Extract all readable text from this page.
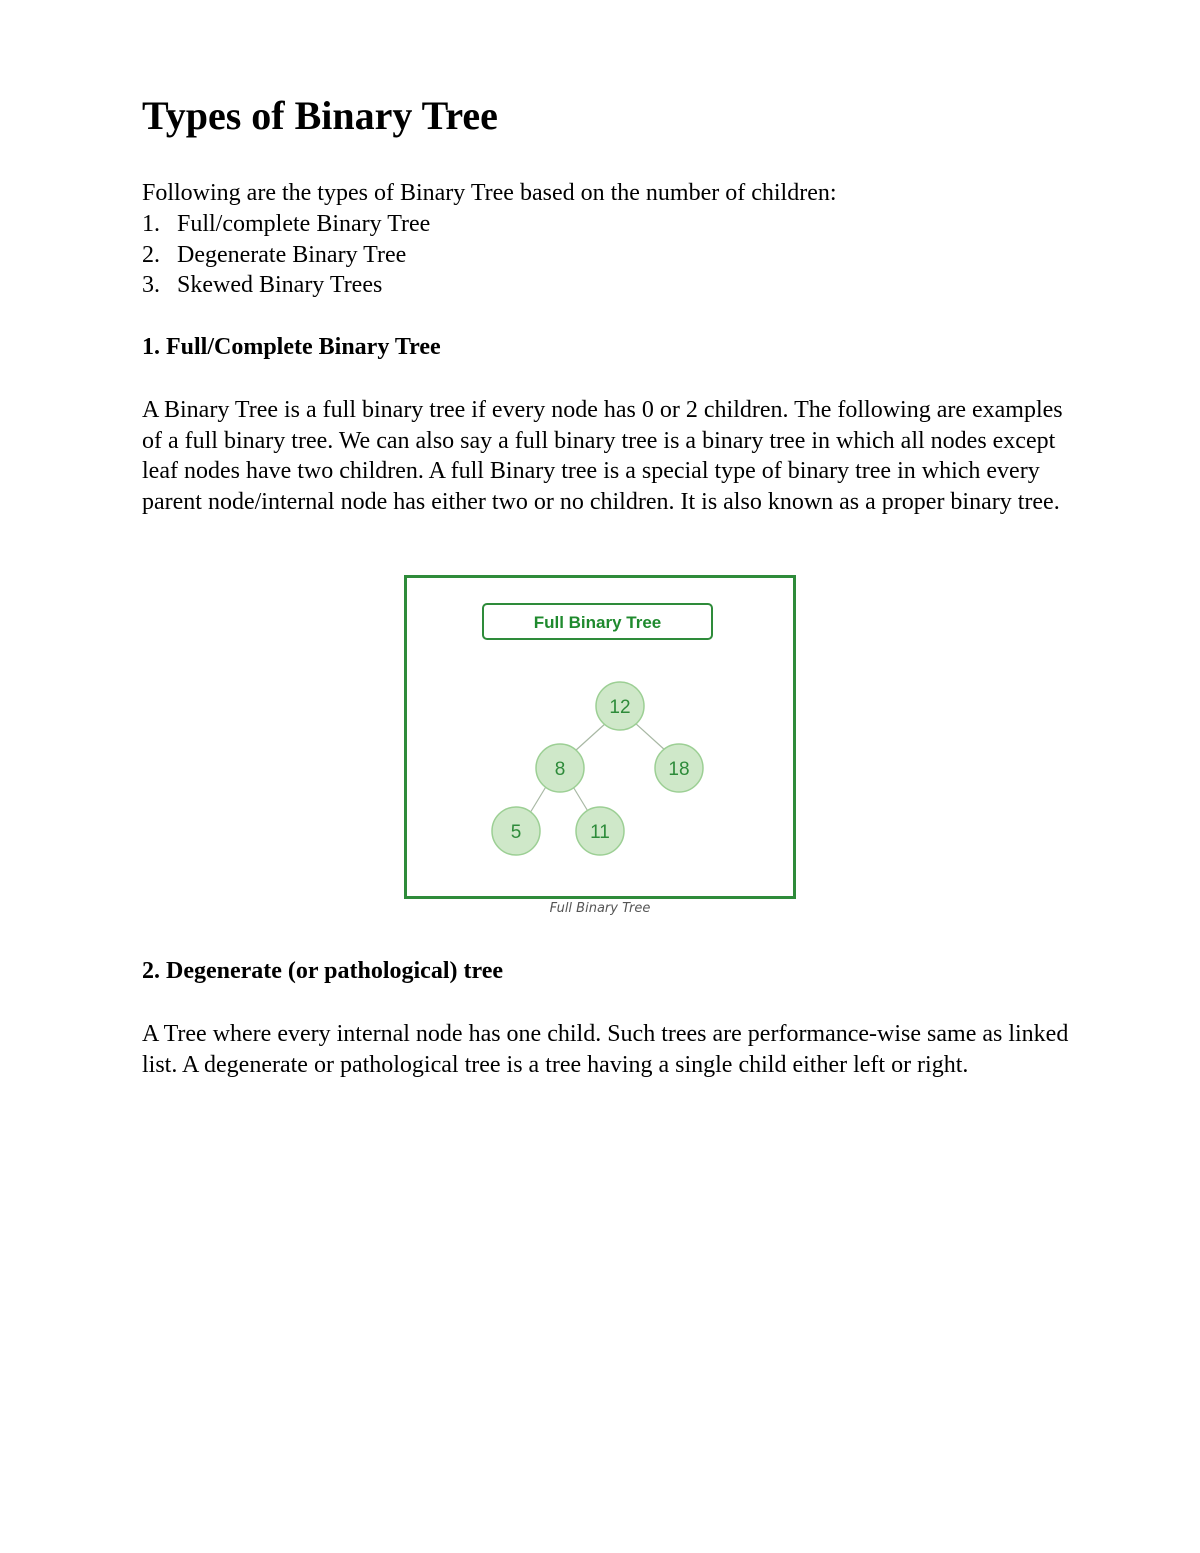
Types of Binary Tree

Following are the types of Binary Tree based on the number of children:

1. Full/complete Binary Tree
2. Degenerate Binary Tree
3. Skewed Binary Trees
1. Full/Complete Binary Tree

A Binary Tree is a full binary tree if every node has 0 or 2 children. The following are examples of a full binary tree. We can also say a full binary tree is a binary tree in which all nodes except leaf nodes have two children. A full Binary tree is a special type of binary tree in which every parent node/internal node has either two or no children. It is also known as a proper binary tree.

Full Binary Tree
12
8	18
5	11
Full Binary Tree
2. Degenerate (or pathological) tree

A Tree where every internal node has one child. Such trees are performance-wise same as linked list. A degenerate or pathological tree is a tree having a single child either left or right.
